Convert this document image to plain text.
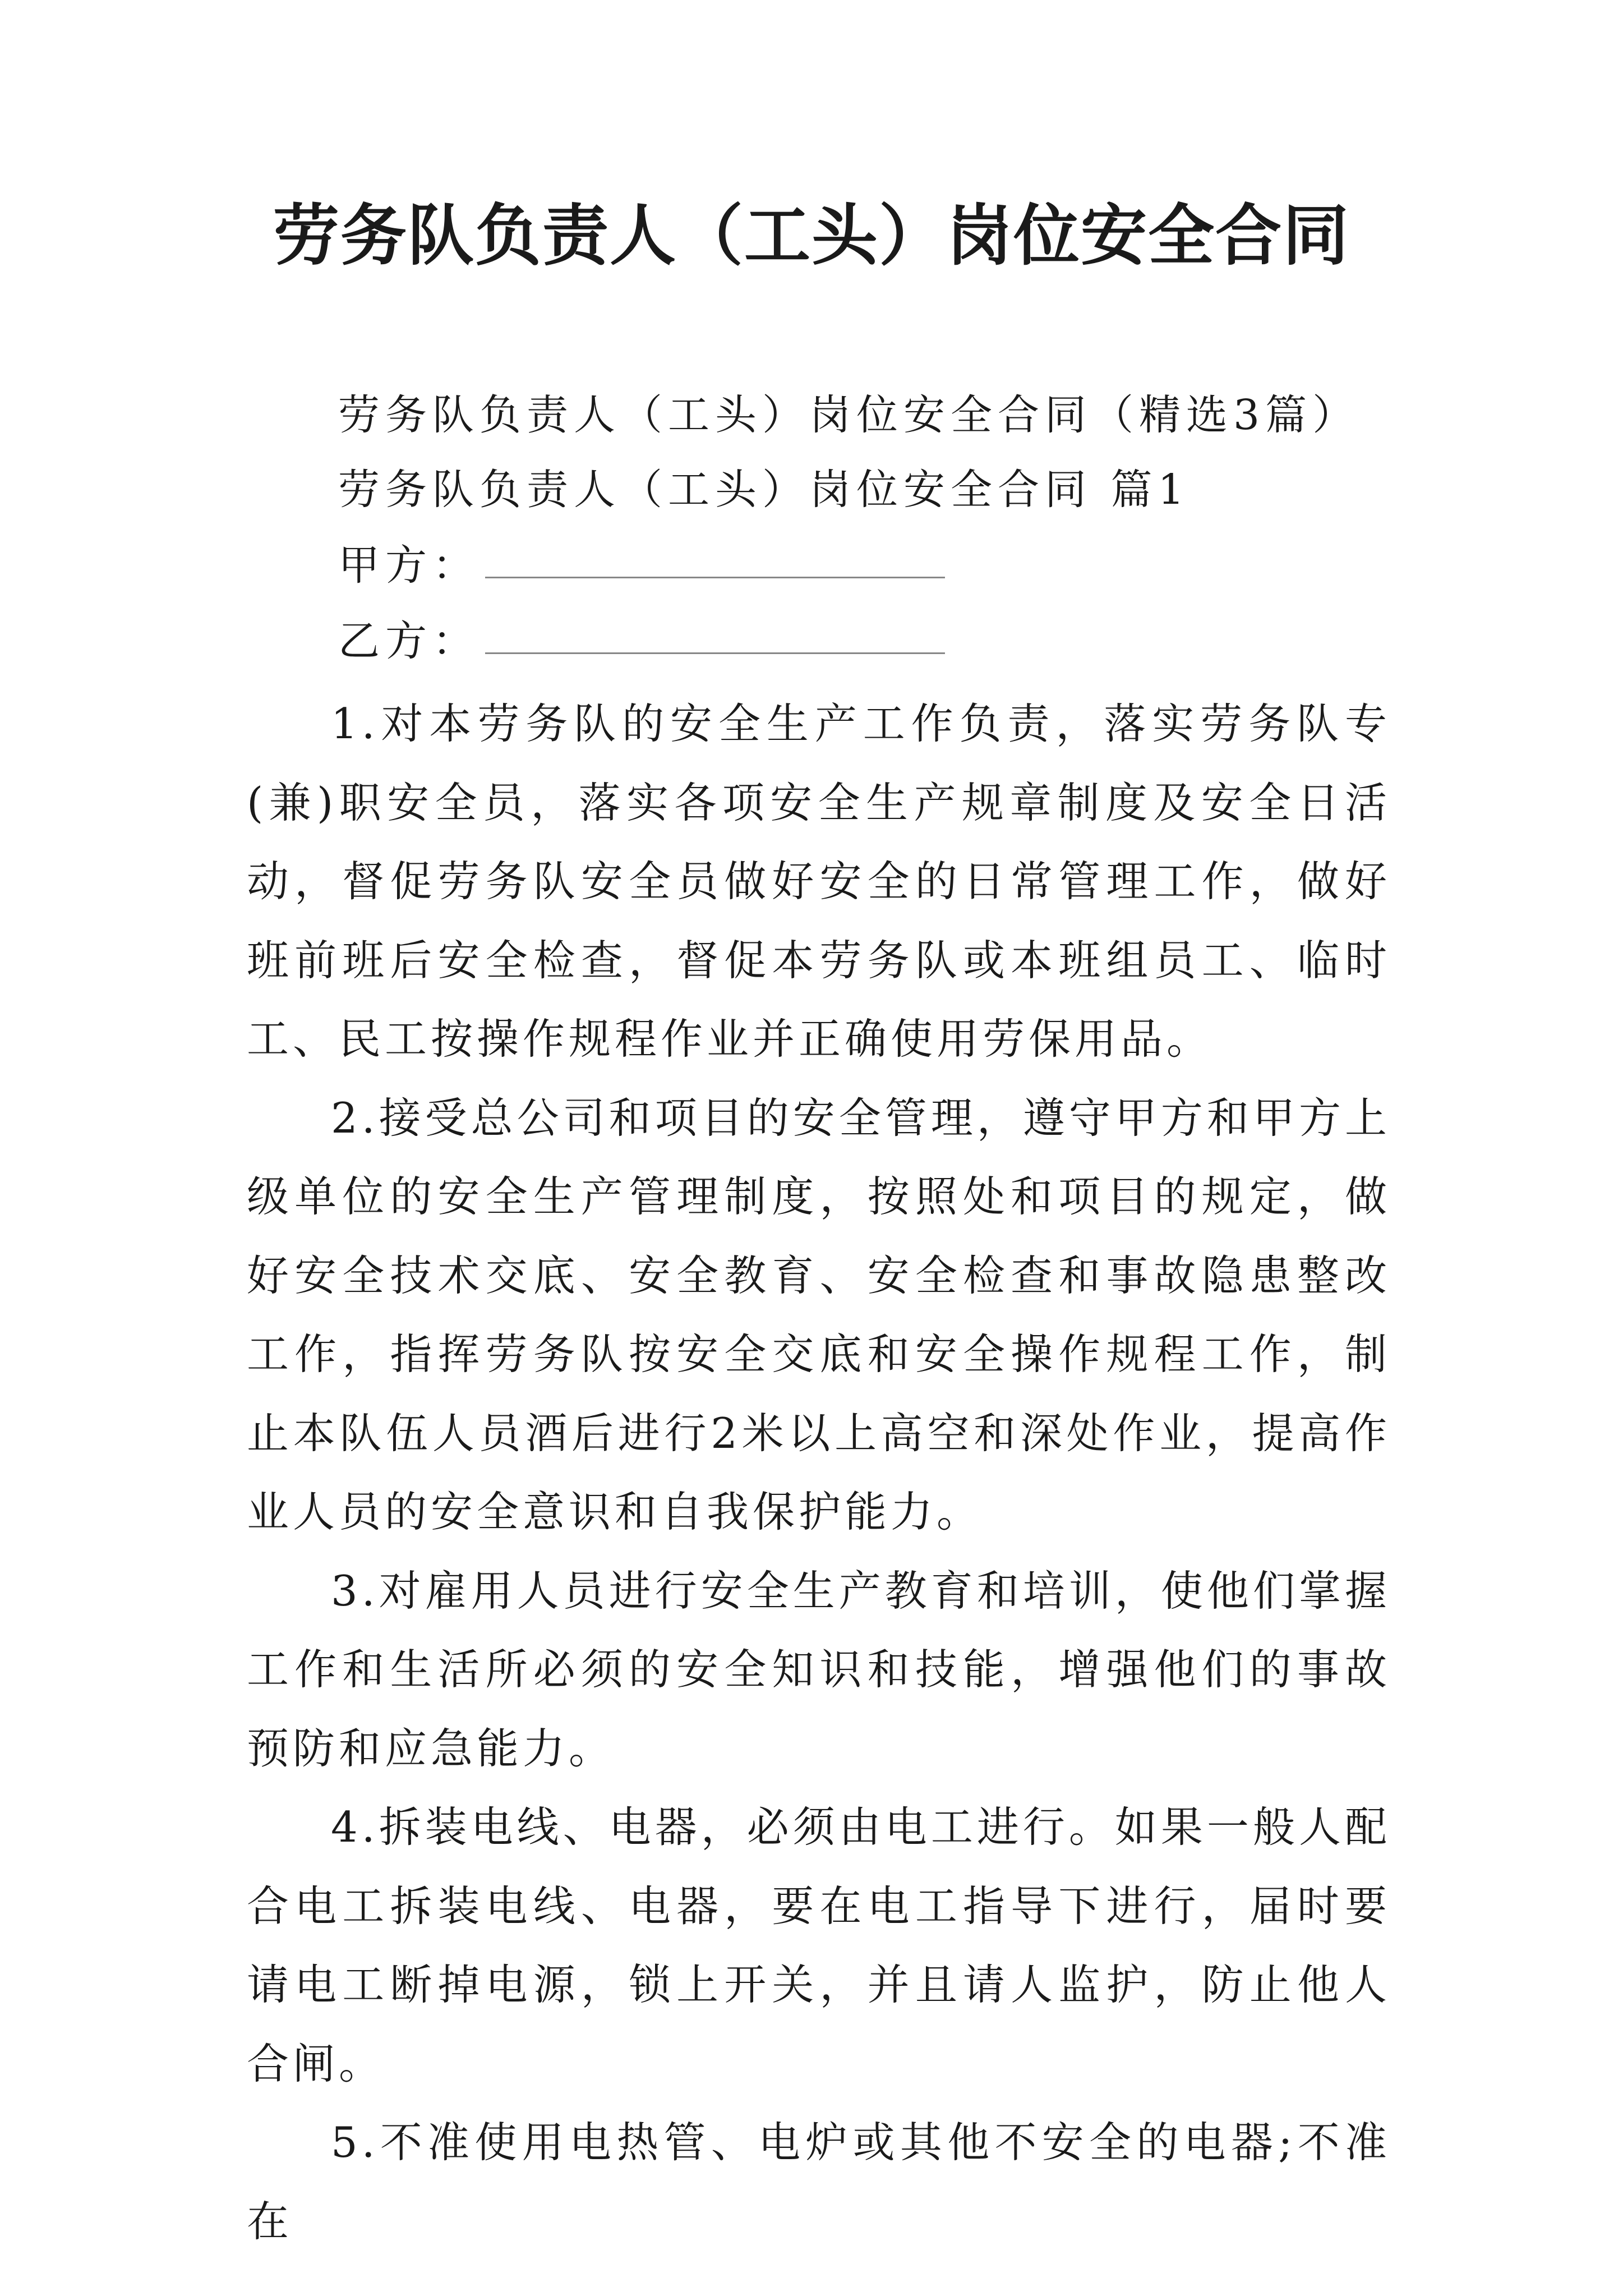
劳务队负责人（工头）岗位安全合同

劳务队负责人（工头）岗位安全合同（精选3篇）

劳务队负责人（工头）岗位安全合同 篇1

甲方：

乙方：

1.对本劳务队的安全生产工作负责，落实劳务队专(兼)职安全员，落实各项安全生产规章制度及安全日活动，督促劳务队安全员做好安全的日常管理工作，做好班前班后安全检查，督促本劳务队或本班组员工、临时工、民工按操作规程作业并正确使用劳保用品。

2.接受总公司和项目的安全管理，遵守甲方和甲方上级单位的安全生产管理制度，按照处和项目的规定，做好安全技术交底、安全教育、安全检查和事故隐患整改工作，指挥劳务队按安全交底和安全操作规程工作，制止本队伍人员酒后进行2米以上高空和深处作业，提高作业人员的安全意识和自我保护能力。

3.对雇用人员进行安全生产教育和培训，使他们掌握工作和生活所必须的安全知识和技能，增强他们的事故预防和应急能力。

4.拆装电线、电器，必须由电工进行。如果一般人配合电工拆装电线、电器，要在电工指导下进行，届时要请电工断掉电源，锁上开关，并且请人监护，防止他人合闸。

5.不准使用电热管、电炉或其他不安全的电器;不准在
